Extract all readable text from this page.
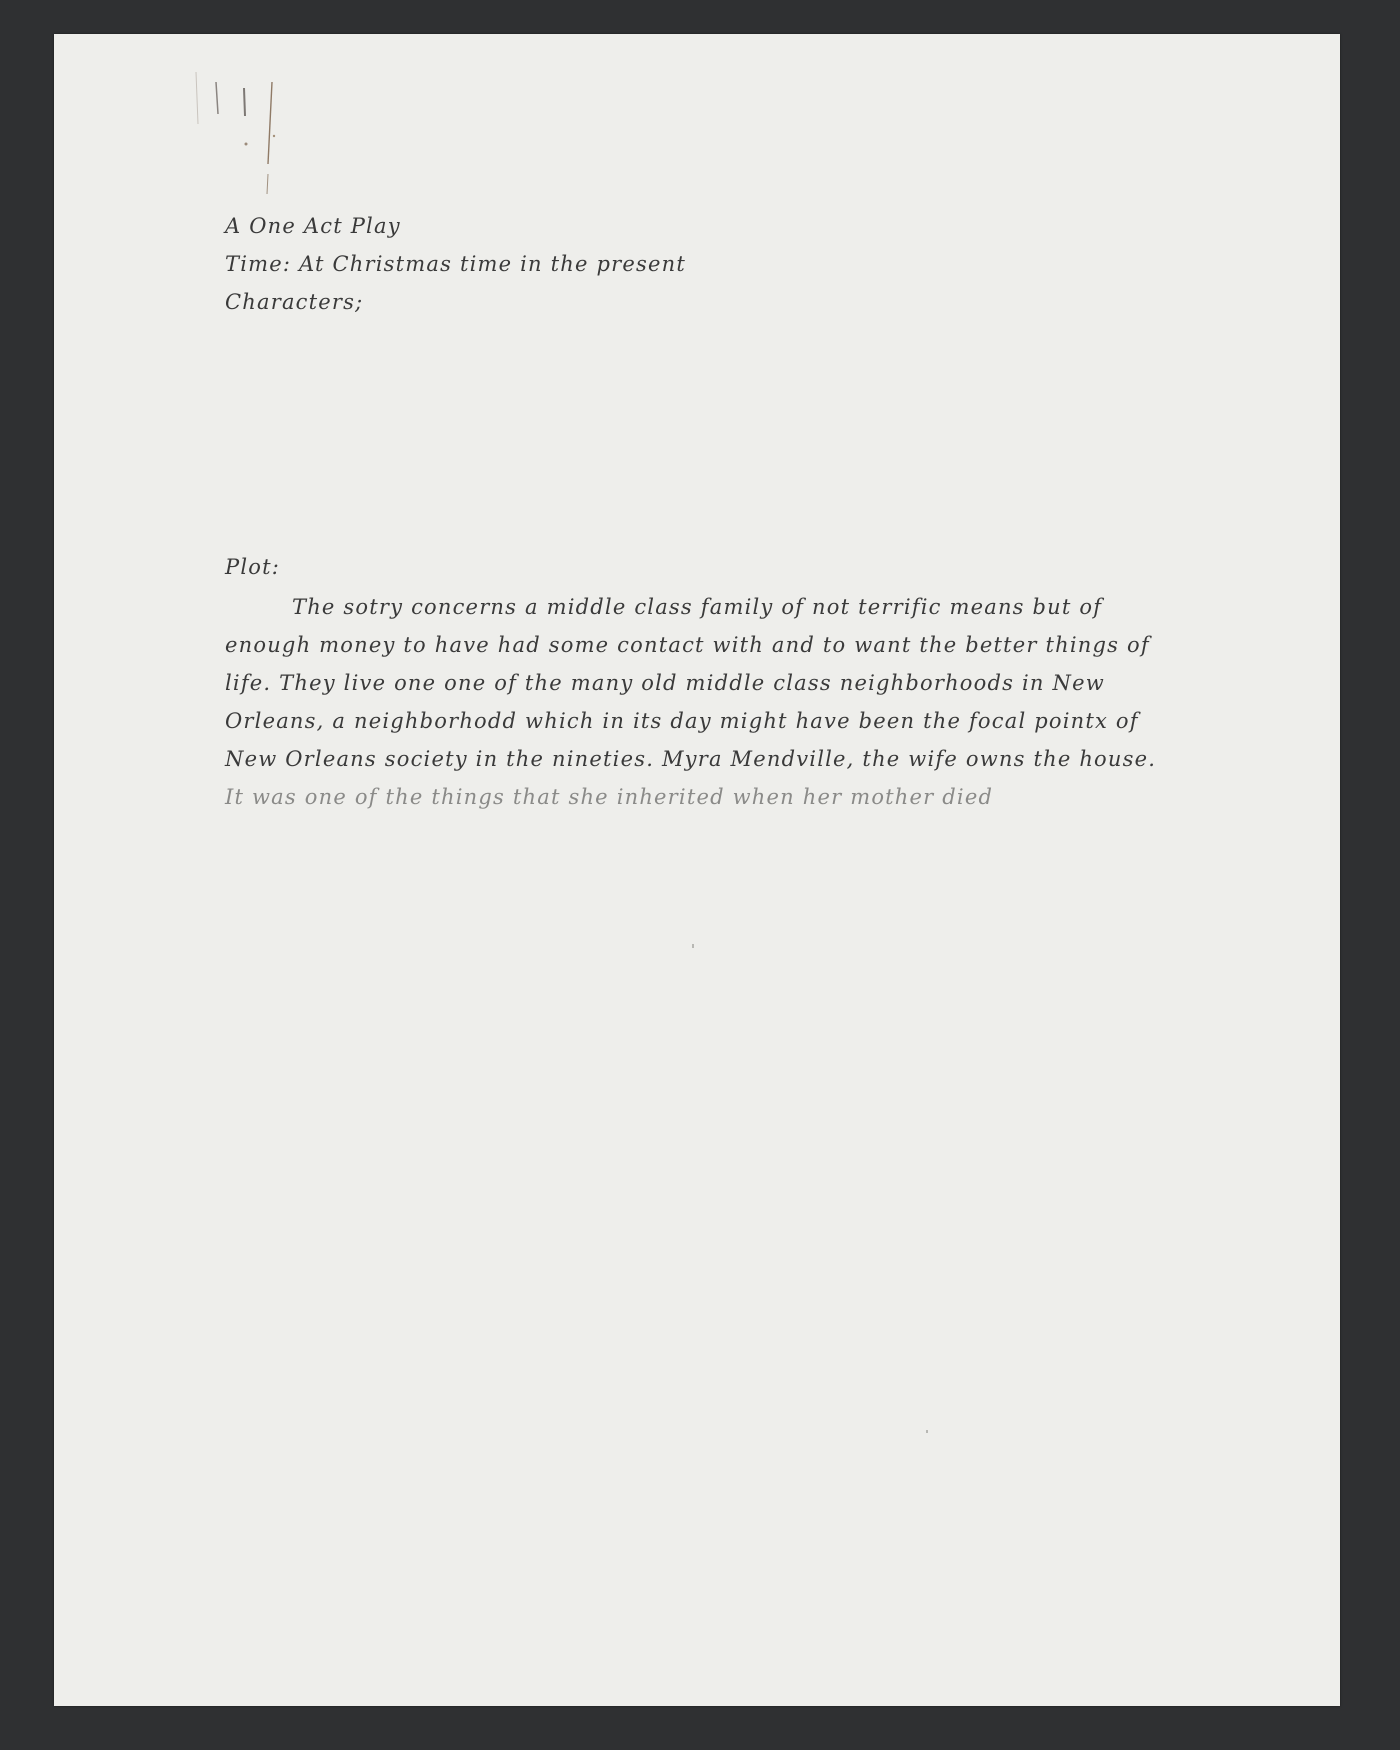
A One Act Play

Time: At Christmas time in the present

Characters;

Plot:

The sotry concerns a middle class family of not terrific means but of

enough money to have had some contact with and to want the better things of

life. They live one one of the many old middle class neighborhoods in New

Orleans, a neighborhodd which in its day might have been the focal pointx of

New Orleans society in the nineties. Myra Mendville, the wife owns the house.

It was one of the things that she inherited when her mother died
